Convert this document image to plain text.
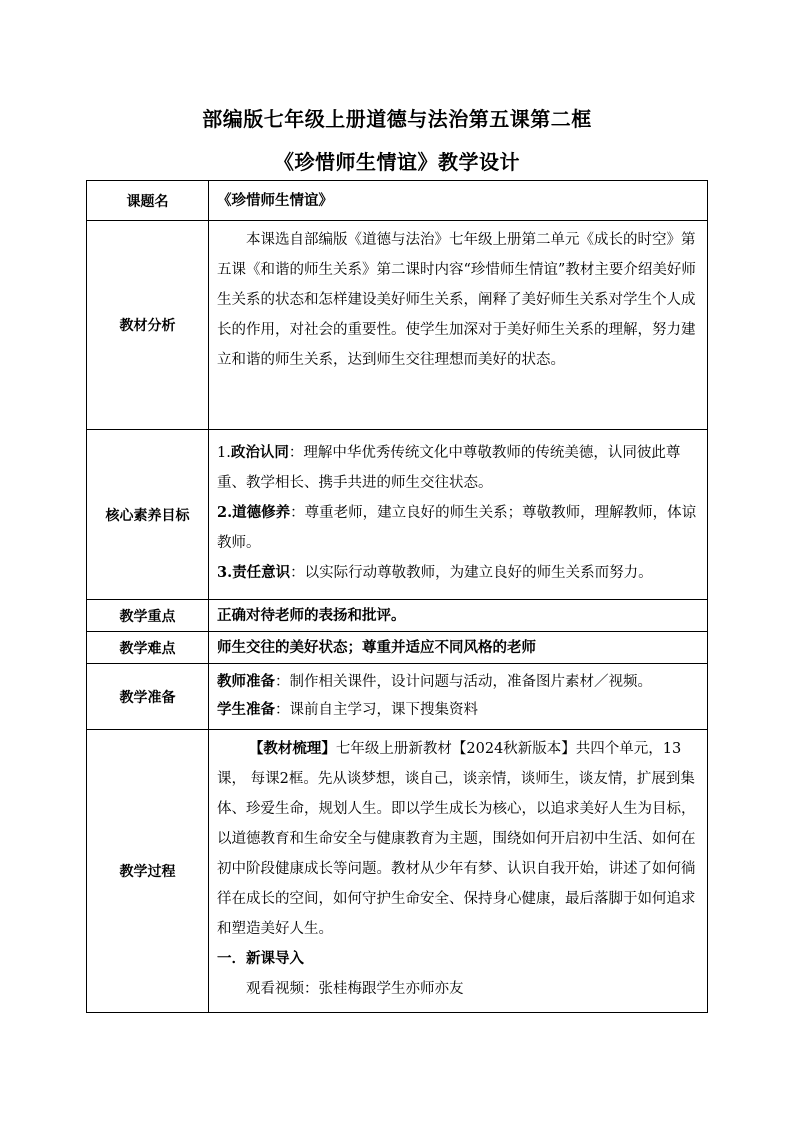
部编版七年级上册道德与法治第五课第二框
《珍惜师生情谊》教学设计
课题名	《珍惜师生情谊》
教材分析	本课选自部编版《道德与法治》七年级上册第二单元《成长的时空》第五课《和谐的师生关系》第二课时内容“珍惜师生情谊”教材主要介绍美好师生关系的状态和怎样建设美好师生关系，阐释了美好师生关系对学生个人成长的作用，对社会的重要性。使学生加深对于美好师生关系的理解，努力建立和谐的师生关系，达到师生交往理想而美好的状态。

核心素养目标	1.政治认同：理解中华优秀传统文化中尊敬教师的传统美德，认同彼此尊重、教学相长、携手共进的师生交往状态。

2.道德修养：尊重老师，建立良好的师生关系；尊敬教师，理解教师，体谅教师。

3.责任意识：以实际行动尊敬教师，为建立良好的师生关系而努力。

教学重点	正确对待老师的表扬和批评。
教学难点	师生交往的美好状态；尊重并适应不同风格的老师
教学准备	教师准备：制作相关课件，设计问题与活动，准备图片素材／视频。

学生准备：课前自主学习，课下搜集资料

教学过程	【教材梳理】七年级上册新教材【2024秋新版本】共四个单元，13课， 每课2框。先从谈梦想，谈自己，谈亲情，谈师生，谈友情，扩展到集体、珍爱生命，规划人生。即以学生成长为核心，以追求美好人生为目标，以道德教育和生命安全与健康教育为主题，围绕如何开启初中生活、如何在初中阶段健康成长等问题。教材从少年有梦、认识自我开始，讲述了如何徜徉在成长的空间，如何守护生命安全、保持身心健康，最后落脚于如何追求和塑造美好人生。

一．新课导入

观看视频：张桂梅跟学生亦师亦友
